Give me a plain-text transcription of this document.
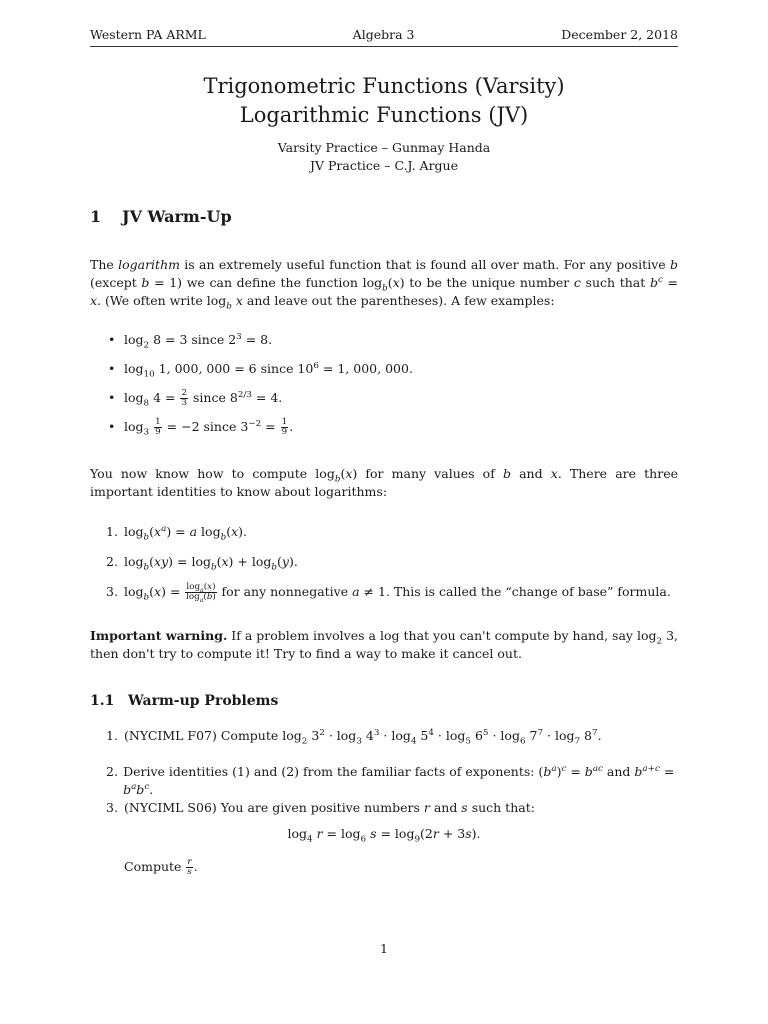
Western PA ARML	Algebra 3	December 2, 2018
Trigonometric Functions (Varsity)
Logarithmic Functions (JV)
Varsity Practice – Gunmay Handa
JV Practice – C.J. Argue
1 JV Warm-Up

The logarithm is an extremely useful function that is found all over math. For any positive b (except b = 1) we can define the function $\log_b(x)$ to be the unique number c such that $b^c = x$. (We often write $\log_b x$ and leave out the parentheses). A few examples:

• $\log_2 8 = 3$ since $2^3 = 8$.
• $\log_{10} 1$, 000, 000 = 6 since $10^6 = 1$, 000, 000.
• $\log_8 4 = \frac{2}{3}$ since $8^{2/3} = 4$.
• $\log_3 \frac{1}{9} = -2$ since $3^{-2} = \frac{1}{9}$ .

You now know how to compute $\log_b(x)$ for many values of b and x. There are three important identities to know about logarithms:

1. $\log_b(x^a) = a$ $\log_b(x)$.
2. $\log_b(xy) = \log_b(x) + \log_b(y)$.
3. $\log_b(x) = \frac{\log_a(x)}{\log_a(b)}$ for any nonnegative a ≠ 1. This is called the “change of base” formula.

Important warning. If a problem involves a log that you can't compute by hand, say $\log_2 3$, then don't try to compute it! Try to find a way to make it cancel out.

1.1 Warm-up Problems
1. (NYCIML F07) Compute $\log_2 3^2 \cdot \log_3 4^3 \cdot \log_4 5^4 \cdot \log_5 6^5 \cdot \log_6 7^7 \cdot \log_7 8^7$.
2. Derive identities (1) and (2) from the familiar facts of exponents: $(b^a)^c = b^{ac}$ and $b^{a+c} = b^ab^c$.
3. (NYCIML S06) You are given positive numbers r and s such that:
$\log_4 r = \log_6 s = \log_9(2r + 3s)$.
Compute $\frac{r}{s}$ .
1
